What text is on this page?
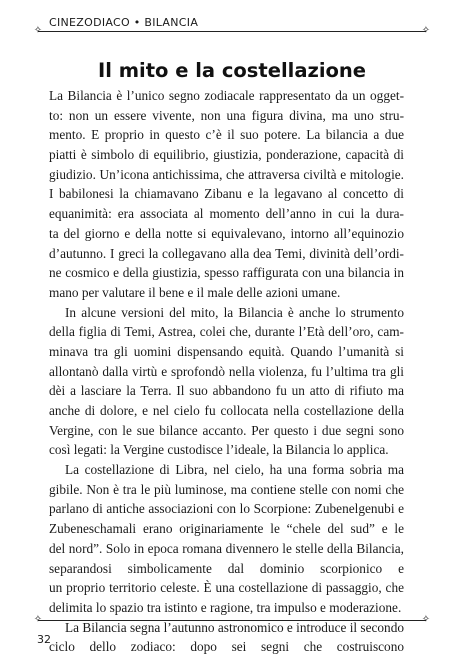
CINEZODIACO • BILANCIA
✧	✧
Il mito e la costellazione
La Bilancia è l’unico segno zodiacale rappresentato da un ogget-
to: non un essere vivente, non una figura divina, ma uno stru-
mento. E proprio in questo c’è il suo potere. La bilancia a due
piatti è simbolo di equilibrio, giustizia, ponderazione, capacità di
giudizio. Un’icona antichissima, che attraversa civiltà e mitologie.
I babilonesi la chiamavano Zibanu e la legavano al concetto di
equanimità: era associata al momento dell’anno in cui la dura-
ta del giorno e della notte si equivalevano, intorno all’equinozio
d’autunno. I greci la collegavano alla dea Temi, divinità dell’ordi-
ne cosmico e della giustizia, spesso raffigurata con una bilancia in
mano per valutare il bene e il male delle azioni umane.
In alcune versioni del mito, la Bilancia è anche lo strumento
della figlia di Temi, Astrea, colei che, durante l’Età dell’oro, cam-
minava tra gli uomini dispensando equità. Quando l’umanità si
allontanò dalla virtù e sprofondò nella violenza, fu l’ultima tra gli
dèi a lasciare la Terra. Il suo abbandono fu un atto di rifiuto ma
anche di dolore, e nel cielo fu collocata nella costellazione della
Vergine, con le sue bilance accanto. Per questo i due segni sono
così legati: la Vergine custodisce l’ideale, la Bilancia lo applica.
La costellazione di Libra, nel cielo, ha una forma sobria ma
gibile. Non è tra le più luminose, ma contiene stelle con nomi che
parlano di antiche associazioni con lo Scorpione: Zubenelgenubi e
Zubeneschamali erano originariamente le “chele del sud” e le
del nord”. Solo in epoca romana divennero le stelle della Bilancia,
separandosi simbolicamente dal dominio scorpionico e
un proprio territorio celeste. È una costellazione di passaggio, che
delimita lo spazio tra istinto e ragione, tra impulso e moderazione.
La Bilancia segna l’autunno astronomico e introduce il secondo
ciclo dello zodiaco: dopo sei segni che costruiscono
✧	✧
32
